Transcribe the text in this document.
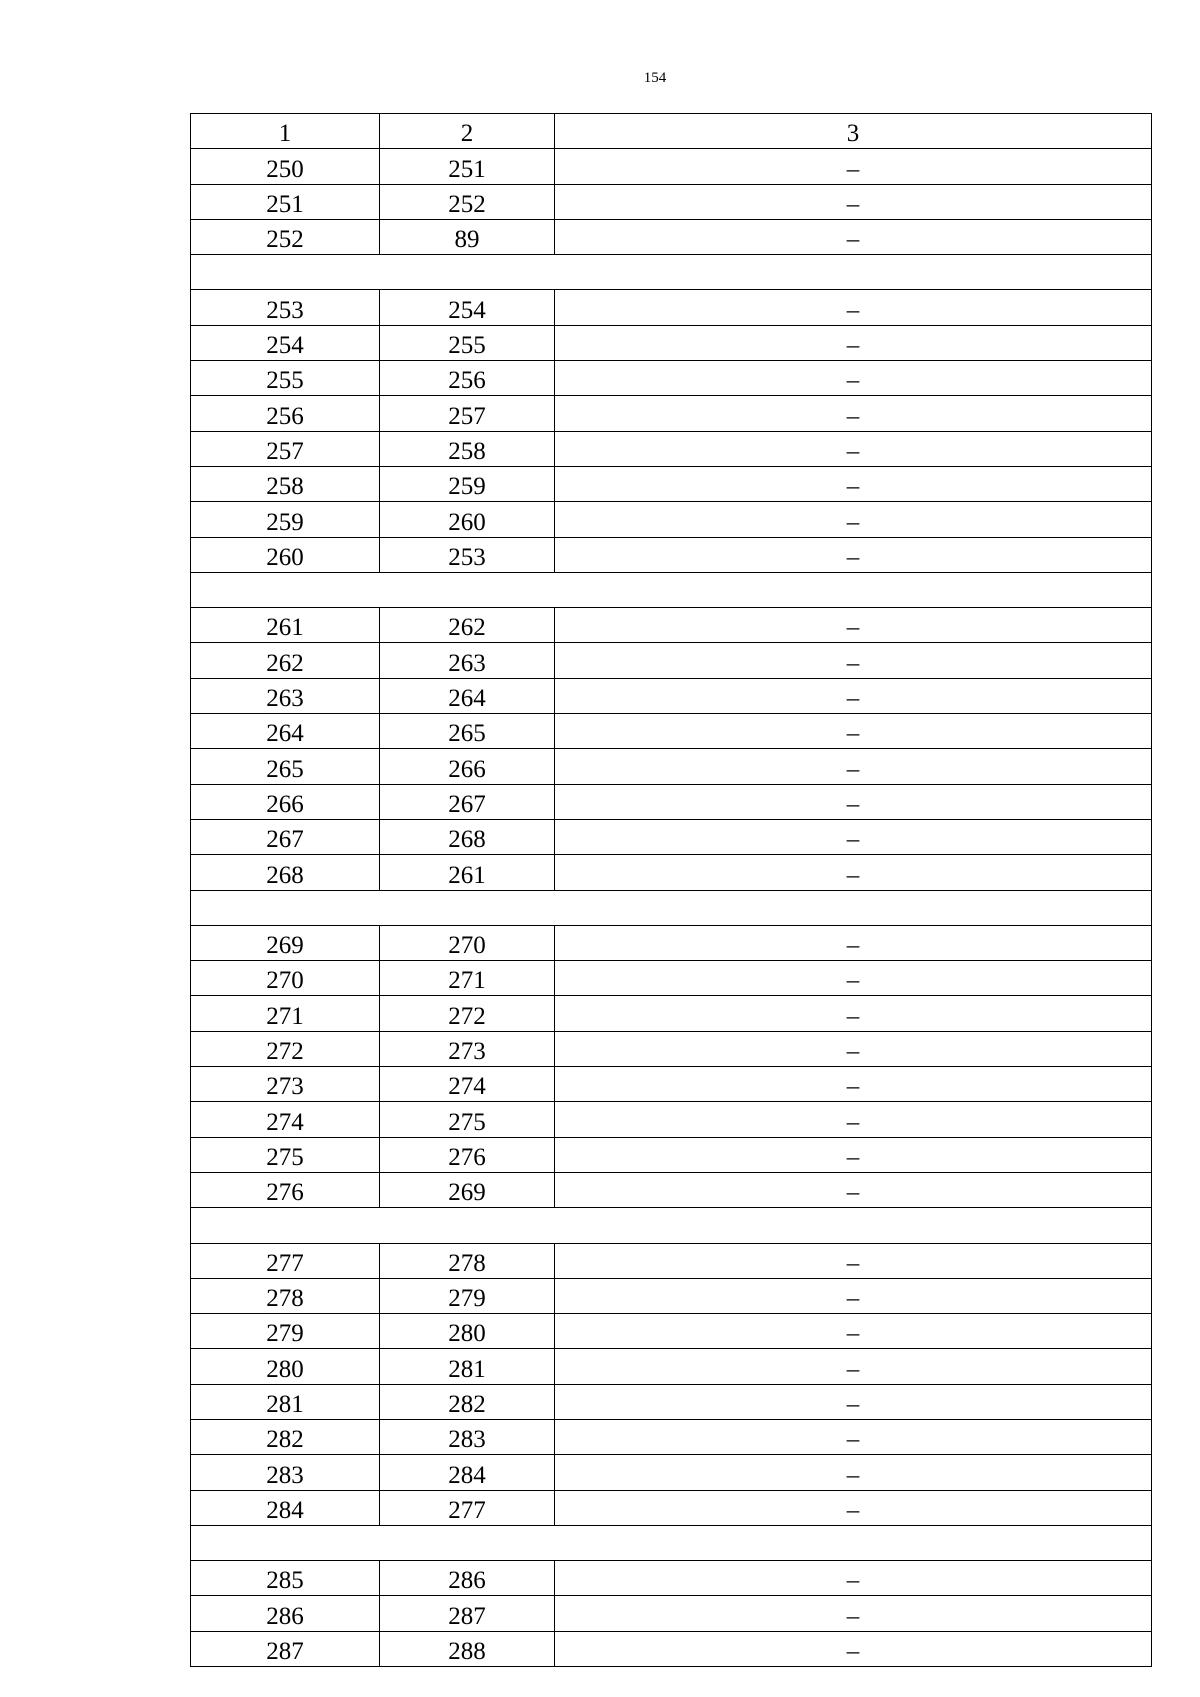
154
1	2	3
250	251	–
251	252	–
252	89	–

253	254	–
254	255	–
255	256	–
256	257	–
257	258	–
258	259	–
259	260	–
260	253	–

261	262	–
262	263	–
263	264	–
264	265	–
265	266	–
266	267	–
267	268	–
268	261	–

269	270	–
270	271	–
271	272	–
272	273	–
273	274	–
274	275	–
275	276	–
276	269	–

277	278	–
278	279	–
279	280	–
280	281	–
281	282	–
282	283	–
283	284	–
284	277	–

285	286	–
286	287	–
287	288	–
